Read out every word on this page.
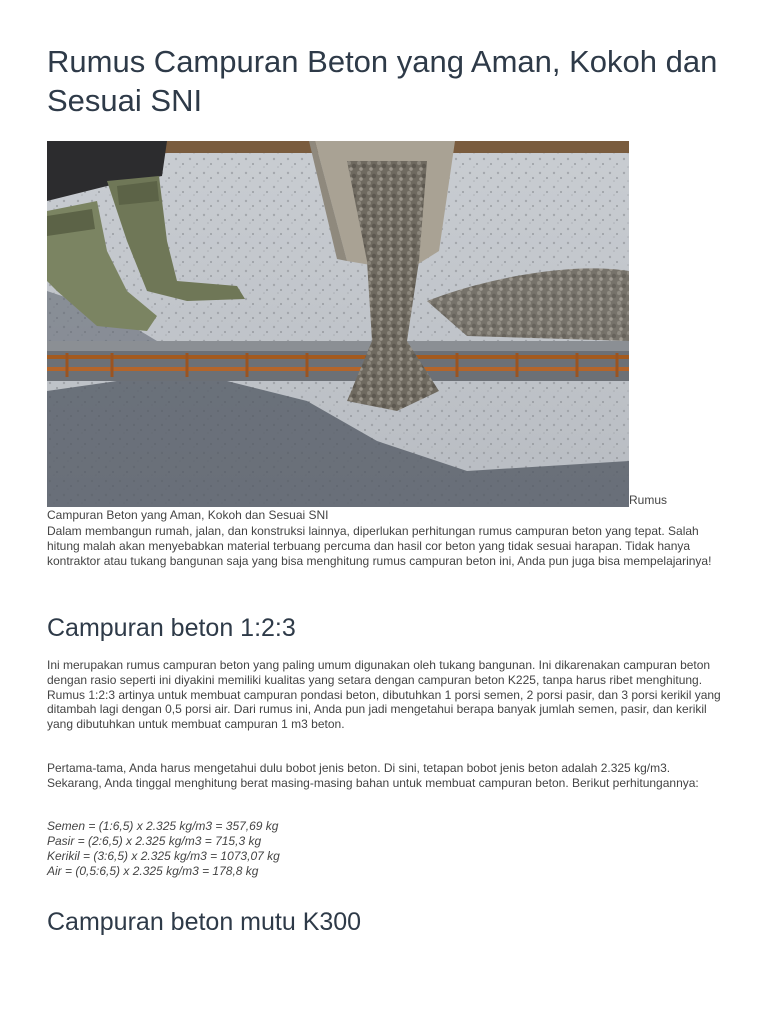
Rumus Campuran Beton yang Aman, Kokoh dan Sesuai SNI
Rumus
Campuran Beton yang Aman, Kokoh dan Sesuai SNI

Dalam membangun rumah, jalan, dan konstruksi lainnya, diperlukan perhitungan rumus campuran beton yang tepat. Salah hitung malah akan menyebabkan material terbuang percuma dan hasil cor beton yang tidak sesuai harapan. Tidak hanya kontraktor atau tukang bangunan saja yang bisa menghitung rumus campuran beton ini, Anda pun juga bisa mempelajarinya!

Campuran beton 1:2:3

Ini merupakan rumus campuran beton yang paling umum digunakan oleh tukang bangunan. Ini dikarenakan campuran beton dengan rasio seperti ini diyakini memiliki kualitas yang setara dengan campuran beton K225, tanpa harus ribet menghitung. Rumus 1:2:3 artinya untuk membuat campuran pondasi beton, dibutuhkan 1 porsi semen, 2 porsi pasir, dan 3 porsi kerikil yang ditambah lagi dengan 0,5 porsi air. Dari rumus ini, Anda pun jadi mengetahui berapa banyak jumlah semen, pasir, dan kerikil yang dibutuhkan untuk membuat campuran 1 m3 beton.

Pertama-tama, Anda harus mengetahui dulu bobot jenis beton. Di sini, tetapan bobot jenis beton adalah 2.325 kg/m3. Sekarang, Anda tinggal menghitung berat masing-masing bahan untuk membuat campuran beton. Berikut perhitungannya:

Semen = (1:6,5) x 2.325 kg/m3 = 357,69 kg
Pasir = (2:6,5) x 2.325 kg/m3 = 715,3 kg
Kerikil = (3:6,5) x 2.325 kg/m3 = 1073,07 kg
Air = (0,5:6,5) x 2.325 kg/m3 = 178,8 kg
Campuran beton mutu K300
